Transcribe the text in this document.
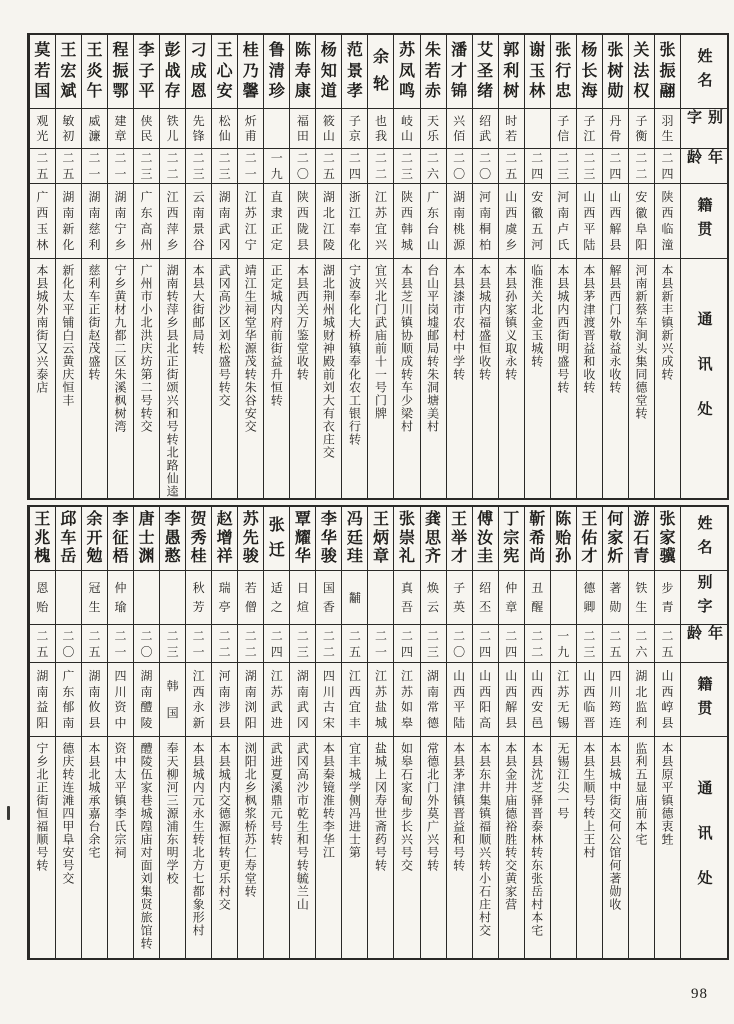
姓名
别字
年龄
籍贯
通讯处
张
振
翮
羽
生
二
四
陕
西
临
潼
本县新丰镇新兴成转
关
法
权
子
衡
二
二
安
徽
阜
阳
河南新蔡车涧头集同德堂转
张
树
勋
丹
骨
二
四
山
西
解
县
解县西门外敬益永收转
杨
长
海
子
江
二
三
山
西
平
陆
本县茅津渡晋益和收转
张
行
忠
子
信
二
三
河
南
卢
氏
本县城内西街明盛号转
谢
玉
林
二
四
安
徽
五
河
临淮关北金玉城转
郭
利
树
时
若
二
五
山
西
虞
乡
本县孙家镇义取永转
艾
圣
绪
绍
武
二
〇
河
南
桐
柏
本县城内福盛恒收转
潘
才
锦
兴
佰
二
〇
湖
南
桃
源
本县漆市农村中学转
朱
若
赤
天
乐
二
六
广
东
台
山
台山平岗墟邮局转朱洞塘美村
苏
凤
鸣
岐
山
二
三
陕
西
韩
城
本县芝川镇协顺成转车少梁村
余
轮
也
我
二
二
江
苏
宜
兴
宜兴北门武庙前十一号门牌
范
景
孝
子
京
二
四
浙
江
奉
化
宁波奉化大桥镇奉化农工银行转
杨
知
道
筱
山
二
五
湖
北
江
陵
湖北荆州城财神殿前刘大有衣庄交
陈
寿
康
福
田
二
〇
陕
西
陇
县
本县西关万鉴堂收转
鲁
清
珍
一
九
直
隶
正
定
正定城内府前街益升恒转
桂
乃
馨
炘
甫
二
一
江
苏
江
宁
靖江生祠堂华源茂转朱谷安交
王
心
安
松
仙
二
三
湖
南
武
冈
武冈高沙区刘松盛号转交
刁
成
恩
先
锋
二
三
云
南
景
谷
本县大街邮局转
彭
战
存
铁
儿
二
二
江
西
萍
乡
湖南转萍乡县北正街颂兴和号转北路仙逵
李
子
平
侠
民
二
三
广
东
高
州
广州市小北洪庆坊第二号转交
程
振
鄂
建
章
二
一
湖
南
宁
乡
宁乡黄材九都二区朱溪枫树湾
王
炎
午
威
濂
二
一
湖
南
慈
利
慈利车正街赵茂盛转
王
宏
斌
敏
初
二
五
湖
南
新
化
新化太平铺白云黄庆恒丰
莫
若
国
观
光
二
五
广
西
玉
林
本县城外南街又兴泰店
姓名
别字
年龄
籍贯
通讯处
张
家
骥
步
青
二
五
山
西
崞
县
本县原平镇德衷甡
游
石
青
铁
生
二
六
湖
北
监
利
监利五显庙前本宅
何
家
炘
著
勋
二
五
四
川
筠
连
本县城中街交何公馆何著勋收
王
佑
才
德
卿
二
三
山
西
临
晋
本县生顺号转上王村
陈
贻
孙
一
九
江
苏
无
锡
无锡江尖一号
靳
希
尚
丑
醒
二
二
山
西
安
邑
本县沈芝驿晋泰林转东张岳村本宅
丁
宗
宪
仲
章
二
四
山
西
解
县
本县金井庙德裕胜转交黄家营
傅
汝
圭
绍
丕
二
四
山
西
阳
高
本县东井集镇福顺兴转小石庄村交
王
举
才
子
英
二
〇
山
西
平
陆
本县茅津镇晋益和号转
龚
思
齐
焕
云
二
三
湖
南
常
德
常德北门外莫广兴号转
张
崇
礼
真
吾
二
四
江
苏
如
皋
如皋石家甸步长兴号交
王
炳
章
二
一
江
苏
盐
城
盐城上冈寿世斋药号转
冯
廷
珪
黼
二
五
江
西
宜
丰
宜丰城学侧冯进士第
李
华
骏
国
香
二
二
四
川
古
宋
本县秦镜淮转李华江
覃
耀
华
日
煊
二
三
湖
南
武
冈
武冈高沙市乾生和号转毓兰山
张
迁
适
之
二
四
江
苏
武
进
武进夏溪鼎元号转
苏
先
骏
若
僧
二
二
湖
南
浏
阳
浏阳北乡枫浆桥苏仁寿堂转
赵
增
祥
瑞
亭
二
二
河
南
涉
县
本县城内交德源恒转更乐村交
贺
秀
桂
秋
芳
二
一
江
西
永
新
本县城内元永生转北方七都象形村
李
愚
憨
二
三
韩
国
奉天柳河三源浦东明学校
唐
士
渊
二
〇
湖
南
醴
陵
醴陵伍家巷城隍庙对面刘集贤旅馆转
李
征
梧
仲
瑜
二
一
四
川
资
中
资中太平镇李氏宗祠
余
开
勉
冠
生
二
五
湖
南
攸
县
本县北城承嘉台余宅
邱
车
岳
二
〇
广
东
郁
南
德庆转连滩四甲阜安号交
王
兆
槐
恩
贻
二
五
湖
南
益
阳
宁乡北正街恒福顺号转
98
